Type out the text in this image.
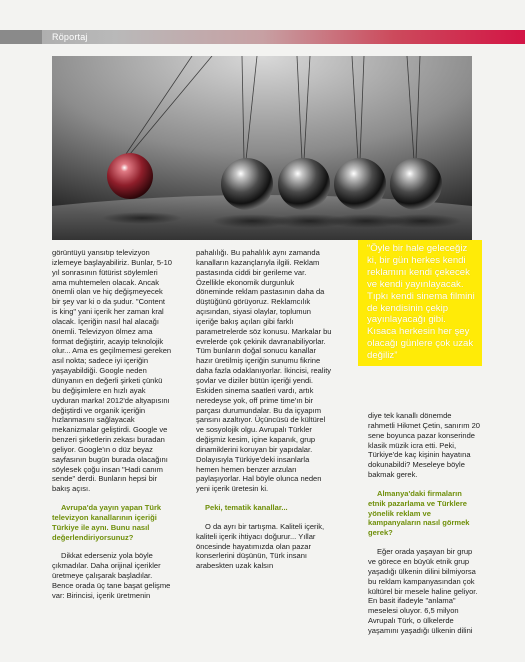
Röportaj

görüntüyü yansıtıp televizyon izlemeye başlayabiliriz. Bunlar, 5-10 yıl sonrasının fütürist söylemleri ama muhtemelen olacak. Ancak önemli olan ve hiç değişmeyecek bir şey var ki o da şudur. "Content is king" yani içerik her zaman kral olacak. İçeriğin nasıl hal alacağı önemli. Televizyon ölmez ama format değiştirir, acayip teknolojik olur... Ama es geçilmemesi gereken asıl nokta; sadece iyi içeriğin yaşayabildiği. Google neden dünyanın en değerli şirketi çünkü bu değişimlere en hızlı ayak uyduran marka! 2012'de altyapısını değiştirdi ve organik içeriğin hızlanmasını sağlayacak mekanizmalar geliştirdi. Google ve benzeri şirketlerin zekası buradan geliyor. Google'ın o düz beyaz sayfasının bugün burada olacağını söylesek çoğu insan "Hadi canım sende" derdi. Bunların hepsi bir bakış açısı.

Avrupa'da yayın yapan Türk televizyon kanallarının içeriği Türkiye ile aynı. Bunu nasıl değerlendiriyorsunuz?

Dikkat ederseniz yola böyle çıkmadılar. Daha orijinal içerikler üretmeye çalışarak başladılar. Bence orada üç tane başat gelişme var: Birincisi, içerik üretmenin

pahalılığı. Bu pahalılık aynı zamanda kanalların kazançlarıyla ilgili. Reklam pastasında ciddi bir gerileme var. Özellikle ekonomik durgunluk döneminde reklam pastasının daha da düştüğünü görüyoruz. Reklamcılık açısından, siyasi olaylar, toplumun içeriğe bakış açıları gibi farklı parametrelerde söz konusu. Markalar bu evrelerde çok çekinik davranabiliyorlar. Tüm bunların doğal sonucu kanallar hazır üretilmiş içeriğin sunumu fikrine daha fazla odaklanıyorlar. İkincisi, reality şovlar ve diziler bütün içeriği yendi. Eskiden sinema saatleri vardı, artık neredeyse yok, off prime time'ın bir parçası durumundalar. Bu da içyapım şansını azaltıyor. Üçüncüsü de kültürel ve sosyolojik olgu. Avrupalı Türkler değişmiz kesim, içine kapanık, grup dinamiklerini koruyan bir yapıdalar. Dolayısıyla Türkiye'deki insanlarla hemen hemen benzer arzuları paylaşıyorlar. Hal böyle olunca neden yeni içerik üretesin ki.

Peki, tematik kanallar...

O da ayrı bir tartışma. Kaliteli içerik, kaliteli içerik ihtiyacı doğurur... Yıllar öncesinde hayatımızda olan pazar konserlerini düşünün, Türk insanı arabeskten uzak kalsın

“Öyle bir hale geleceğiz ki, bir gün herkes kendi reklamını kendi çekecek ve kendi yayınlayacak. Tıpkı kendi sinema filmini de kendisinin çekip yayınlayacağı gibi. Kısaca herkesin her şey olacağı günlere çok uzak değiliz”

diye tek kanallı dönemde rahmetli Hikmet Çetin, sanırım 20 sene boyunca pazar konserinde klasik müzik icra etti. Peki, Türkiye'de kaç kişinin hayatına dokunabildi? Meseleye böyle bakmak gerek.

Almanya'daki firmaların etnik pazarlama ve Türklere yönelik reklam ve kampanyaların nasıl görmek gerek?

Eğer orada yaşayan bir grup ve görece en büyük etnik grup yaşadığı ülkenin dilini bilmiyorsa bu reklam kampanyasından çok kültürel bir mesele haline geliyor. En basit ifadeyle "anlama" meselesi oluyor. 6,5 milyon Avrupalı Türk, o ülkelerde yaşamını yaşadığı ülkenin dilini
